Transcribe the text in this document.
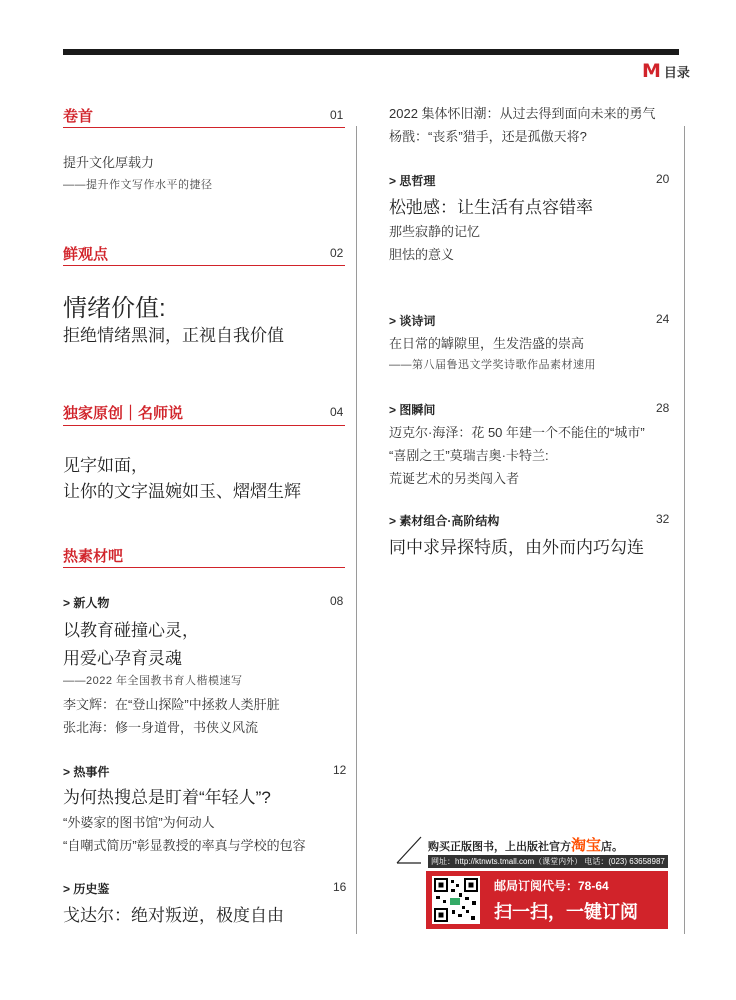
M 目录
卷首	01
提升文化厚载力
——提升作文写作水平的捷径
鲜观点	02
情绪价值:
拒绝情绪黑洞，正视自我价值
独家原创｜名师说	04
见字如面，
让你的文字温婉如玉、熠熠生辉
热素材吧
> 新人物	08
以教育碰撞心灵，
用爱心孕育灵魂
——2022 年全国教书育人楷模速写
李文辉：在“登山探险”中拯救人类肝脏
张北海：修一身道骨，书侠义风流
> 热事件	12
为何热搜总是盯着“年轻人”?
“外婆家的图书馆”为何动人
“自嘲式简历”彰显教授的率真与学校的包容
> 历史鉴	16
戈达尔：绝对叛逆，极度自由
2022 集体怀旧潮：从过去得到面向未来的勇气
杨戬：“丧系”猎手，还是孤傲天将?
> 思哲理	20
松弛感：让生活有点容错率
那些寂静的记忆
胆怯的意义
> 谈诗词	24
在日常的罅隙里，生发浩盛的崇高
——第八届鲁迅文学奖诗歌作品素材速用
> 图瞬间	28
迈克尔·海泽：花 50 年建一个不能住的“城市”
“喜剧之王”莫瑞吉奥·卡特兰:
荒诞艺术的另类闯入者
> 素材组合·高阶结构	32
同中求异探特质，由外而内巧勾连
购买正版图书，上出版社官方淘宝店。
网址：http://ktnwts.tmall.com（课堂内外） 电话：(023) 63658987
邮局订阅代号：78-64
扫一扫，一键订阅
